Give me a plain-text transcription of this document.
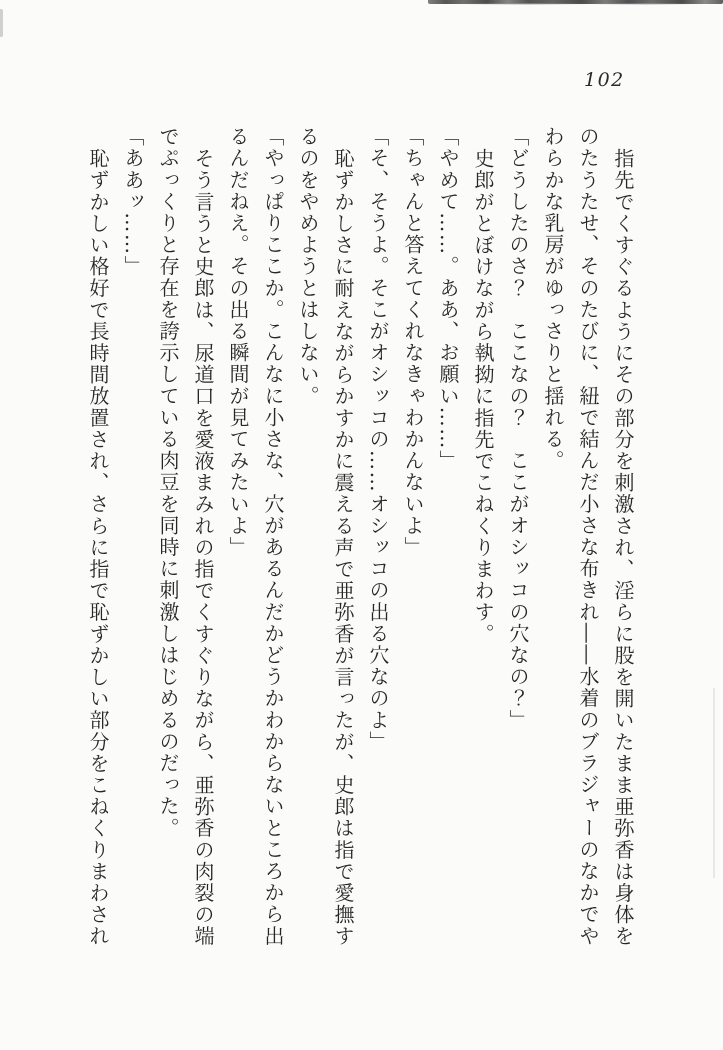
102

指先でくすぐるようにその部分を刺激され、淫らに股を開いたまま亜弥香は身体をのたうたせ、そのたびに、紐で結んだ小さな布きれ――水着のブラジャーのなかでやわらかな乳房がゆっさりと揺れる。

「どうしたのさ？　ここなの？　ここがオシッコの穴なの？」

史郎がとぼけながら執拗に指先でこねくりまわす。

「やめて……。ああ、お願い……」

「ちゃんと答えてくれなきゃわかんないよ」

「そ、そうよ。そこがオシッコの……オシッコの出る穴なのよ」

恥ずかしさに耐えながらかすかに震える声で亜弥香が言ったが、史郎は指で愛撫するのをやめようとはしない。

「やっぱりここか。こんなに小さな、穴があるんだかどうかわからないところから出るんだねえ。その出る瞬間が見てみたいよ」

そう言うと史郎は、尿道口を愛液まみれの指でくすぐりながら、亜弥香の肉裂の端でぷっくりと存在を誇示している肉豆を同時に刺激しはじめるのだった。

「ああッ……」

恥ずかしい格好で長時間放置され、さらに指で恥ずかしい部分をこねくりまわされ
